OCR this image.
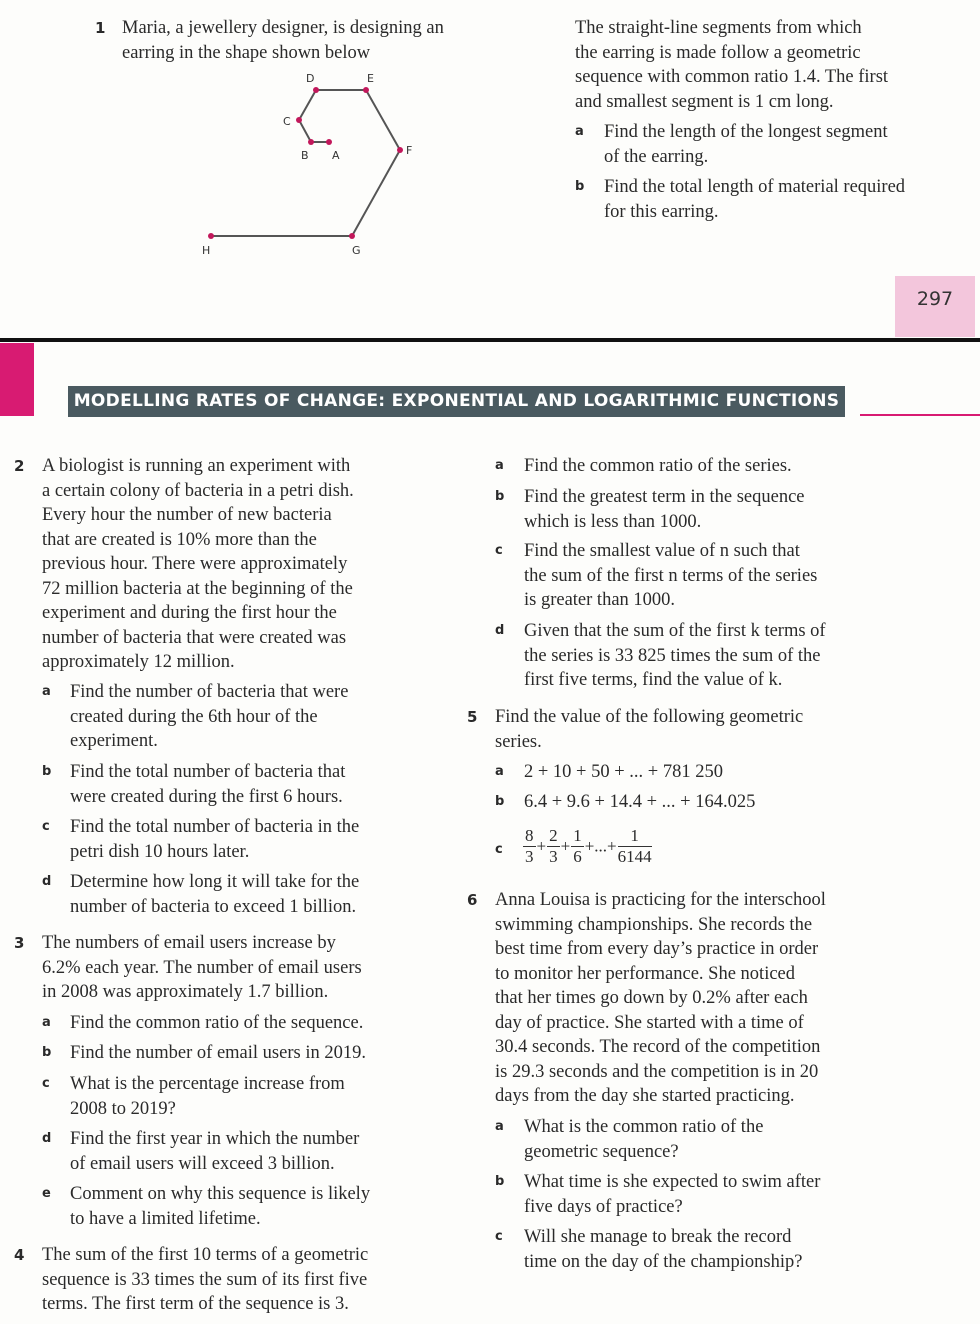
1 Maria, a jewellery designer, is designing an
earring in the shape shown below
A
B
C
D	E
F
G
H
The straight-line segments from which
the earring is made follow a geometric
sequence with common ratio 1.4. The first
and smallest segment is 1 cm long.
a Find the length of the longest segment
of the earring.
b Find the total length of material required
for this earring.
297
MODELLING RATES OF CHANGE: EXPONENTIAL AND LOGARITHMIC FUNCTIONS
2 A biologist is running an experiment with
a certain colony of bacteria in a petri dish.
Every hour the number of new bacteria
that are created is 10% more than the
previous hour. There were approximately
72 million bacteria at the beginning of the
experiment and during the first hour the
number of bacteria that were created was
approximately 12 million.
a Find the number of bacteria that were
created during the 6th hour of the
experiment.
b Find the total number of bacteria that
were created during the first 6 hours.
c Find the total number of bacteria in the
petri dish 10 hours later.
d Determine how long it will take for the
number of bacteria to exceed 1 billion.
3 The numbers of email users increase by
6.2% each year. The number of email users
in 2008 was approximately 1.7 billion.
a Find the common ratio of the sequence.
b Find the number of email users in 2019.
c What is the percentage increase from
2008 to 2019?
d Find the first year in which the number
of email users will exceed 3 billion.
e Comment on why this sequence is likely
to have a limited lifetime.
4 The sum of the first 10 terms of a geometric
sequence is 33 times the sum of its first five
terms. The first term of the sequence is 3.
a Find the common ratio of the series.
b Find the greatest term in the sequence
which is less than 1000.
c Find the smallest value of n such that
the sum of the first n terms of the series
is greater than 1000.
d Given that the sum of the first k terms of
the series is 33 825 times the sum of the
first five terms, find the value of k.
5 Find the value of the following geometric
series.
a 2 + 10 + 50 + ... + 781 250
b 6.4 + 9.6 + 14.4 + ... + 164.025
c $\frac{8}{3} + \frac{2}{3} + \frac{1}{6}$ +...+ $\frac{1}{6144}$
6 Anna Louisa is practicing for the interschool
swimming championships. She records the
best time from every day’s practice in order
to monitor her performance. She noticed
that her times go down by 0.2% after each
day of practice. She started with a time of
30.4 seconds. The record of the competition
is 29.3 seconds and the competition is in 20
days from the day she started practicing.
a What is the common ratio of the
geometric sequence?
b What time is she expected to swim after
five days of practice?
c Will she manage to break the record
time on the day of the championship?
